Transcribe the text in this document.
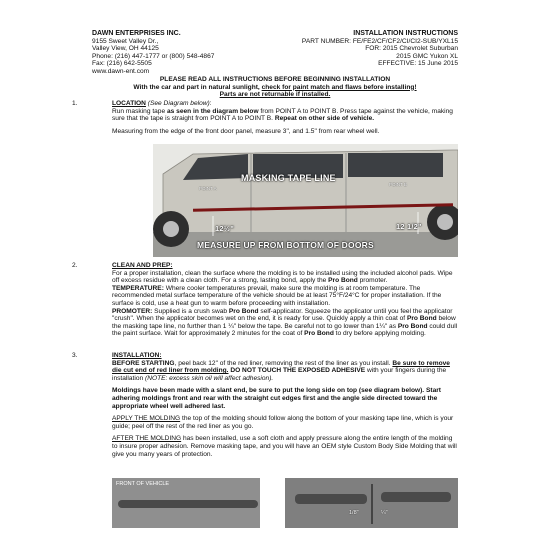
DAWN ENTERPRISES INC.
9155 Sweet Valley Dr.,
Valley View, OH 44125
Phone: (216) 447-1777 or (800) 548-4867
Fax: (216) 642-5505
www.dawn-ent.com
INSTALLATION INSTRUCTIONS
PART NUMBER: FE/FE2/CF/CF2/CI/CI2-SUB/YXL15
FOR: 2015 Chevrolet Suburban
2015 GMC Yukon XL
EFFECTIVE: 15 June 2015
PLEASE READ ALL INSTRUCTIONS BEFORE BEGINNING INSTALLATION
With the car and part in natural sunlight, check for paint match and flaws before installing!
Parts are not returnable if installed.
1.	LOCATION (See Diagram below):
Run masking tape as seen in the diagram below from POINT A to POINT B. Press tape against the vehicle, making sure that the tape is straight from POINT A to POINT B. Repeat on other side of vehicle.
Measuring from the edge of the front door panel, measure 3", and 1.5" from rear wheel well.
MASKING TAPE LINE
POINT A
POINT B
12½"	12 1/2"
MEASURE UP FROM BOTTOM OF DOORS
2.	CLEAN AND PREP:
For a proper installation, clean the surface where the molding is to be installed using the included alcohol pads. Wipe off excess residue with a clean cloth. For a strong, lasting bond, apply the Pro Bond promoter.
TEMPERATURE: Where cooler temperatures prevail, make sure the molding is at room temperature. The recommended metal surface temperature of the vehicle should be at least 75°F/24°C for proper installation. If the surface is cold, use a heat gun to warm before proceeding with installation.
PROMOTER: Supplied is a crush swab Pro Bond self-applicator. Squeeze the applicator until you feel the applicator "crush". When the applicator becomes wet on the end, it is ready for use. Quickly apply a thin coat of Pro Bond below the masking tape line, no further than 1 ¼" below the tape. Be careful not to go lower than 1¼" as Pro Bond could dull the paint surface. Wait for approximately 2 minutes for the coat of Pro Bond to dry before applying molding.
3.	INSTALLATION:
BEFORE STARTING, peel back 12" of the red liner, removing the rest of the liner as you install. Be sure to remove die cut end of red liner from molding. DO NOT TOUCH THE EXPOSED ADHESIVE with your fingers during the installation (NOTE: excess skin oil will affect adhesion).
Moldings have been made with a slant end, be sure to put the long side on top (see diagram below). Start adhering moldings front and rear with the straight cut edges first and the angle side directed toward the appropriate wheel well adhered last.
APPLY THE MOLDING the top of the molding should follow along the bottom of your masking tape line, which is your guide; peel off the rest of the red liner as you go.
AFTER THE MOLDING has been installed, use a soft cloth and apply pressure along the entire length of the molding to insure proper adhesion. Remove masking tape, and you will have an OEM style Custom Body Side Molding that will give you many years of protection.
FRONT OF VEHICLE
1/8"	¼"
